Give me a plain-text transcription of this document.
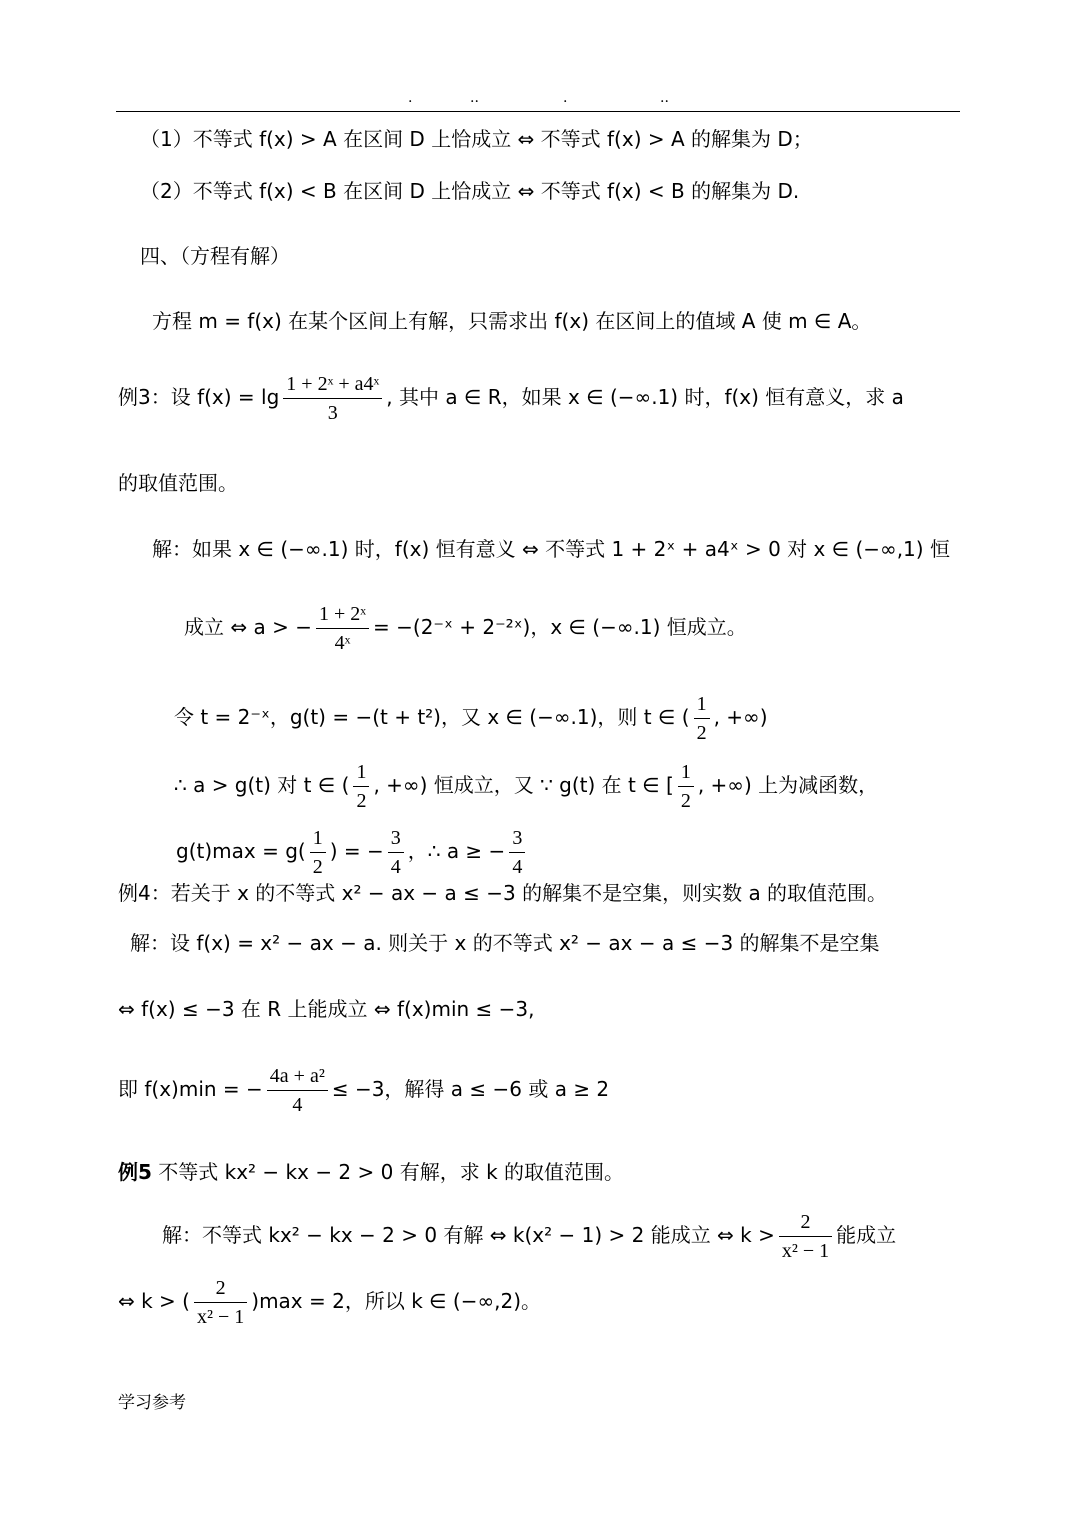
.	..	.	..
（1）不等式 f(x) > A 在区间 D 上恰成立 ⇔ 不等式 f(x) > A 的解集为 D；
（2）不等式 f(x) < B 在区间 D 上恰成立 ⇔ 不等式 f(x) < B 的解集为 D.
四、（方程有解）
方程 m = f(x) 在某个区间上有解，只需求出 f(x) 在区间上的值域 A 使 m ∈ A。
例3：设 $f(x) = \lg \frac{\text{1 + 2ˣ + a4ˣ}}{3}$ , 其中 a ∈ R，如果 x ∈ (−∞.1) 时，f(x) 恒有意义，求 a
的取值范围。
解：如果 x ∈ (−∞.1) 时，f(x) 恒有意义 ⇔ 不等式 1 + 2ˣ + a4ˣ > 0 对 x ∈ (−∞,1) 恒
成立 ⇔ a > − $\frac{\text{1 + 2ˣ}}{\text{4ˣ}}$ = −(2⁻ˣ + 2⁻²ˣ)，x ∈ (−∞.1) 恒成立。
令 t = 2⁻ˣ，g(t) = −(t + t²)，又 x ∈ (−∞.1)，则 t ∈ ( $\frac{1}{2}$ , +∞)
∴ a > g(t) 对 t ∈ ( $\frac{1}{2}$ , +∞) 恒成立，又 ∵ g(t) 在 t ∈ [ $\frac{1}{2}$ , +∞) 上为减函数，
$g(t)\max = g( \frac{1}{2}$ ) = − $\frac{3}{4}$ ，∴ a ≥ − $\frac{3}{4}$
例4：若关于 x 的不等式 x² − ax − a ≤ −3 的解集不是空集，则实数 a 的取值范围。
解：设 f(x) = x² − ax − a. 则关于 x 的不等式 x² − ax − a ≤ −3 的解集不是空集
⇔ f(x) ≤ −3 在 R 上能成立 ⇔ f(x)min ≤ −3,
即 f(x)min = − $\frac{\text{4a + a²}}{4} \le -3$，解得 a ≤ −6 或 a ≥ 2
例5 不等式 kx² − kx − 2 > 0 有解，求 k 的取值范围。
解：不等式 kx² − kx − 2 > 0 有解 ⇔ k(x² − 1) > 2 能成立 ⇔ $k > \frac{2}{\text{x² − 1}}$ 能成立
⇔ k > ( $\frac{2}{\text{x² − 1}} )\max = 2$，所以 k ∈ (−∞,2)。
学习参考
